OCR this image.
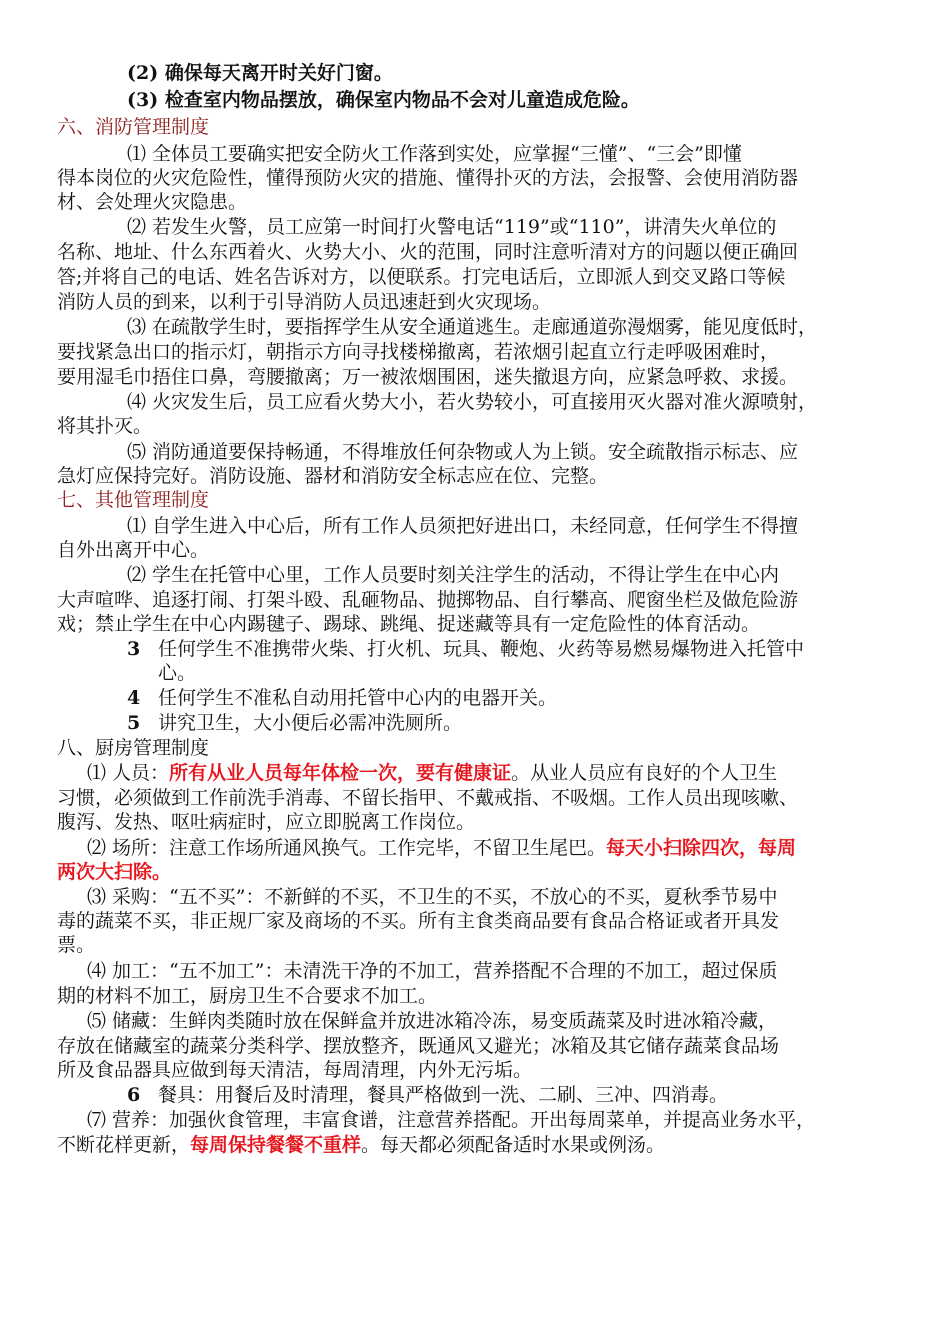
(2) 确保每天离开时关好门窗。
(3) 检查室内物品摆放，确保室内物品不会对儿童造成危险。
六、消防管理制度
⑴ 全体员工要确实把安全防火工作落到实处，应掌握“三懂”、“三会”即懂
得本岗位的火灾危险性，懂得预防火灾的措施、懂得扑灭的方法，会报警、会使用消防器
材、会处理火灾隐患。
⑵ 若发生火警，员工应第一时间打火警电话“119”或“110”，讲清失火单位的
名称、地址、什么东西着火、火势大小、火的范围，同时注意听清对方的问题以便正确回
答;并将自己的电话、姓名告诉对方，以便联系。打完电话后，立即派人到交叉路口等候
消防人员的到来，以利于引导消防人员迅速赶到火灾现场。
⑶ 在疏散学生时，要指挥学生从安全通道逃生。走廊通道弥漫烟雾，能见度低时，
要找紧急出口的指示灯，朝指示方向寻找楼梯撤离，若浓烟引起直立行走呼吸困难时，
要用湿毛巾捂住口鼻，弯腰撤离；万一被浓烟围困，迷失撤退方向，应紧急呼救、求援。
⑷ 火灾发生后，员工应看火势大小，若火势较小，可直接用灭火器对准火源喷射，
将其扑灭。
⑸ 消防通道要保持畅通，不得堆放任何杂物或人为上锁。安全疏散指示标志、应
急灯应保持完好。消防设施、器材和消防安全标志应在位、完整。
七、其他管理制度
⑴ 自学生进入中心后，所有工作人员须把好进出口，未经同意，任何学生不得擅
自外出离开中心。
⑵ 学生在托管中心里，工作人员要时刻关注学生的活动，不得让学生在中心内
大声喧哗、追逐打闹、打架斗殴、乱砸物品、抛掷物品、自行攀高、爬窗坐栏及做危险游
戏；禁止学生在中心内踢毽子、踢球、跳绳、捉迷藏等具有一定危险性的体育活动。
3 任何学生不准携带火柴、打火机、玩具、鞭炮、火药等易燃易爆物进入托管中
心。
4 任何学生不准私自动用托管中心内的电器开关。
5 讲究卫生，大小便后必需冲洗厕所。
八、厨房管理制度
⑴ 人员：所有从业人员每年体检一次，要有健康证。从业人员应有良好的个人卫生
习惯，必须做到工作前洗手消毒、不留长指甲、不戴戒指、不吸烟。工作人员出现咳嗽、
腹泻、发热、呕吐病症时，应立即脱离工作岗位。
⑵ 场所：注意工作场所通风换气。工作完毕，不留卫生尾巴。每天小扫除四次，每周
两次大扫除。
⑶ 采购：“五不买”：不新鲜的不买，不卫生的不买，不放心的不买，夏秋季节易中
毒的蔬菜不买，非正规厂家及商场的不买。所有主食类商品要有食品合格证或者开具发
票。
⑷ 加工：“五不加工”：未清洗干净的不加工，营养搭配不合理的不加工，超过保质
期的材料不加工，厨房卫生不合要求不加工。
⑸ 储藏：生鲜肉类随时放在保鲜盒并放进冰箱冷冻，易变质蔬菜及时进冰箱冷藏，
存放在储藏室的蔬菜分类科学、摆放整齐，既通风又避光；冰箱及其它储存蔬菜食品场
所及食品器具应做到每天清洁，每周清理，内外无污垢。
6 餐具：用餐后及时清理，餐具严格做到一洗、二刷、三冲、四消毒。
⑺ 营养：加强伙食管理，丰富食谱，注意营养搭配。开出每周菜单，并提高业务水平，
不断花样更新，每周保持餐餐不重样。每天都必须配备适时水果或例汤。
